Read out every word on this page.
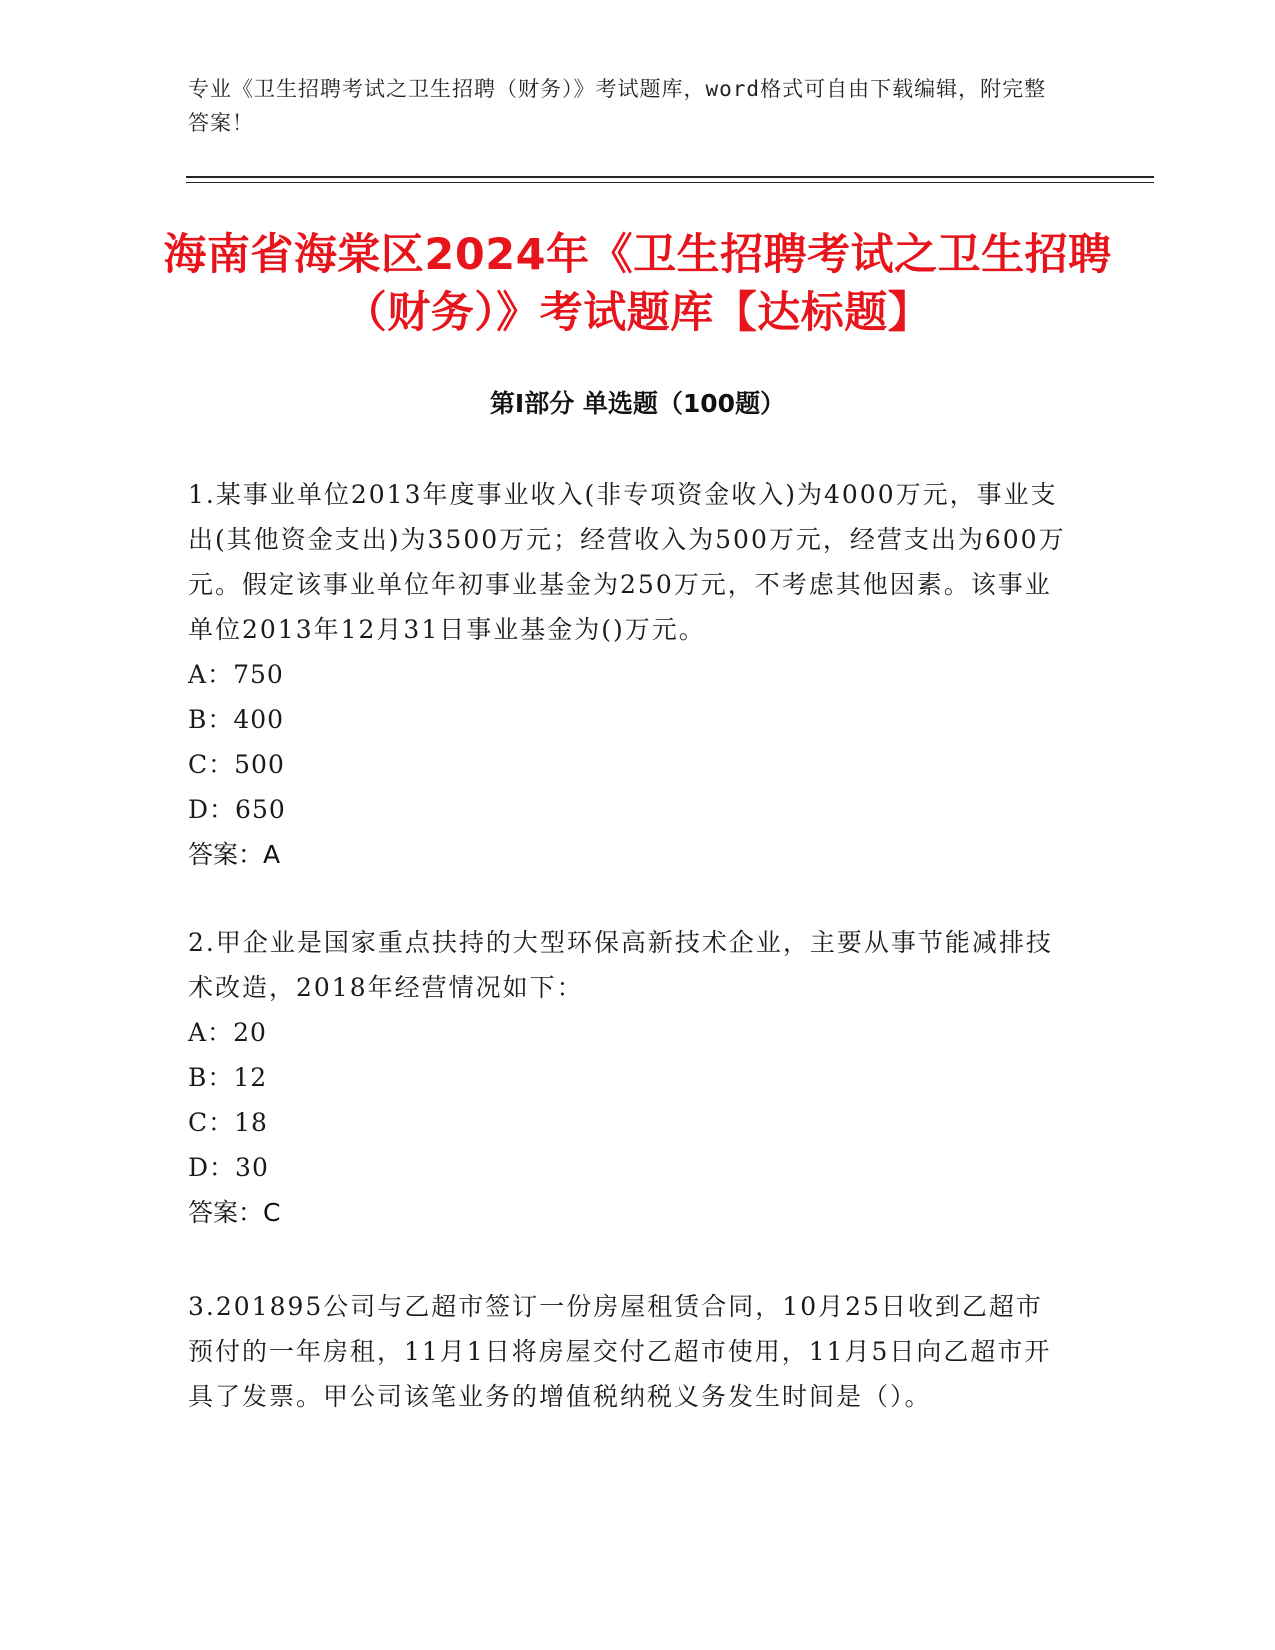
专业《卫生招聘考试之卫生招聘（财务）》考试题库，word格式可自由下载编辑，附完整答案！
海南省海棠区2024年《卫生招聘考试之卫生招聘（财务）》考试题库【达标题】
第Ⅰ部分 单选题（100题）
1.某事业单位2013年度事业收入(非专项资金收入)为4000万元，事业支出(其他资金支出)为3500万元；经营收入为500万元，经营支出为600万元。假定该事业单位年初事业基金为250万元，不考虑其他因素。该事业单位2013年12月31日事业基金为()万元。
A：750
B：400
C：500
D：650
答案：A
2.甲企业是国家重点扶持的大型环保高新技术企业，主要从事节能减排技术改造，2018年经营情况如下：
A：20
B：12
C：18
D：30
答案：C
3.201895公司与乙超市签订一份房屋租赁合同，10月25日收到乙超市预付的一年房租，11月1日将房屋交付乙超市使用，11月5日向乙超市开具了发票。甲公司该笔业务的增值税纳税义务发生时间是（）。
